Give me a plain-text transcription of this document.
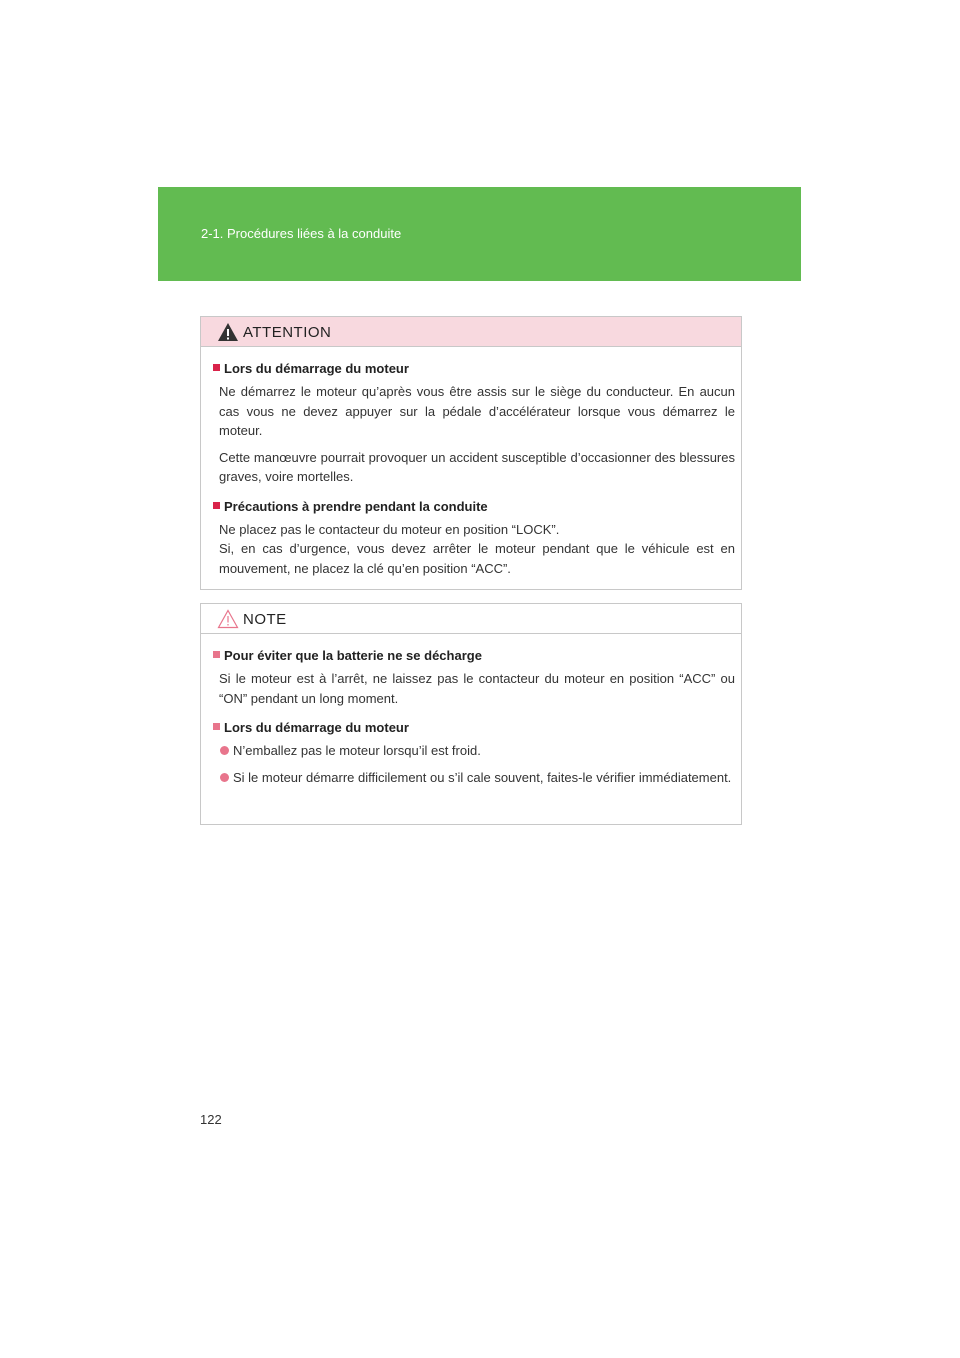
2-1. Procédures liées à la conduite
ATTENTION
Lors du démarrage du moteur

Ne démarrez le moteur qu’après vous être assis sur le siège du conducteur. En aucun cas vous ne devez appuyer sur la pédale d’accélérateur lorsque vous démarrez le moteur.

Cette manœuvre pourrait provoquer un accident susceptible d’occasionner des blessures graves, voire mortelles.

Précautions à prendre pendant la conduite

Ne placez pas le contacteur du moteur en position “LOCK”.

Si, en cas d’urgence, vous devez arrêter le moteur pendant que le véhicule est en mouvement, ne placez la clé qu’en position “ACC”.

NOTE
Pour éviter que la batterie ne se décharge

Si le moteur est à l’arrêt, ne laissez pas le contacteur du moteur en position “ACC” ou “ON” pendant un long moment.

Lors du démarrage du moteur
N’emballez pas le moteur lorsqu’il est froid.
Si le moteur démarre difficilement ou s’il cale souvent, faites-le vérifier immédiatement.
122
